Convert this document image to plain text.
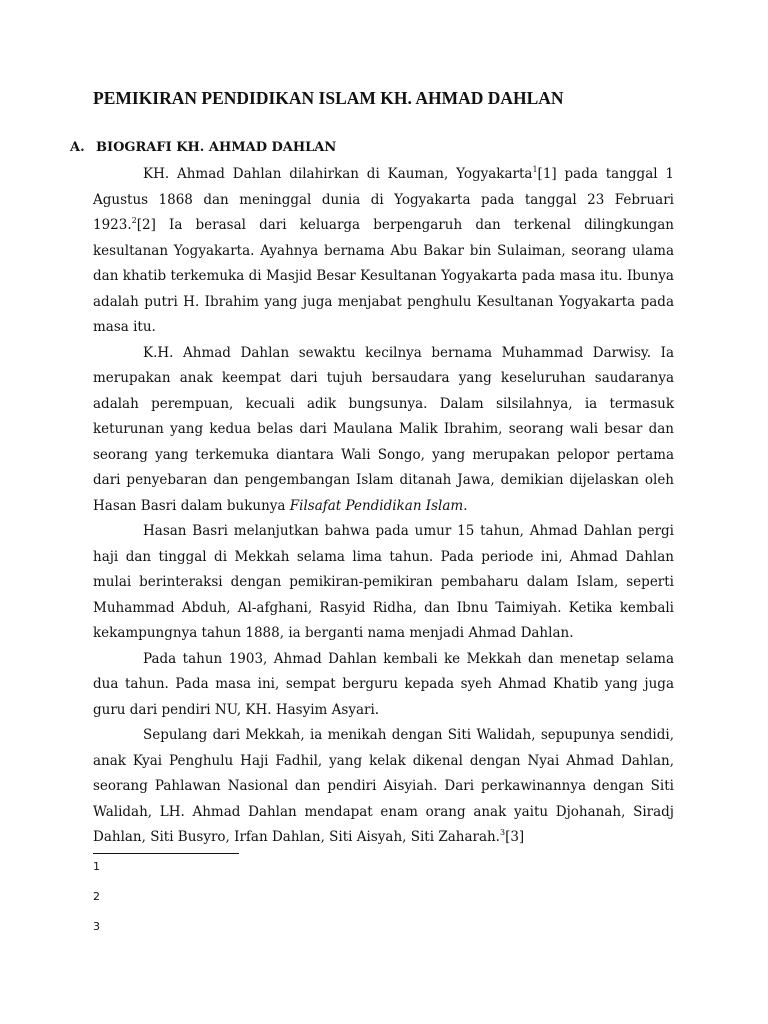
PEMIKIRAN PENDIDIKAN ISLAM KH. AHMAD DAHLAN
A. BIOGRAFI KH. AHMAD DAHLAN

KH. Ahmad Dahlan dilahirkan di Kauman, Yogyakarta$^1$[1] pada tanggal 1 Agustus 1868 dan meninggal dunia di Yogyakarta pada tanggal 23 Februari 1923.$^2$[2] Ia berasal dari keluarga berpengaruh dan terkenal dilingkungan kesultanan Yogyakarta. Ayahnya bernama Abu Bakar bin Sulaiman, seorang ulama dan khatib terkemuka di Masjid Besar Kesultanan Yogyakarta pada masa itu. Ibunya adalah putri H. Ibrahim yang juga menjabat penghulu Kesultanan Yogyakarta pada masa itu.

K.H. Ahmad Dahlan sewaktu kecilnya bernama Muhammad Darwisy. Ia merupakan anak keempat dari tujuh bersaudara yang keseluruhan saudaranya adalah perempuan, kecuali adik bungsunya. Dalam silsilahnya, ia termasuk keturunan yang kedua belas dari Maulana Malik Ibrahim, seorang wali besar dan seorang yang terkemuka diantara Wali Songo, yang merupakan pelopor pertama dari penyebaran dan pengembangan Islam ditanah Jawa, demikian dijelaskan oleh Hasan Basri dalam bukunya Filsafat Pendidikan Islam.

Hasan Basri melanjutkan bahwa pada umur 15 tahun, Ahmad Dahlan pergi haji dan tinggal di Mekkah selama lima tahun. Pada periode ini, Ahmad Dahlan mulai berinteraksi dengan pemikiran-pemikiran pembaharu dalam Islam, seperti Muhammad Abduh, Al-afghani, Rasyid Ridha, dan Ibnu Taimiyah. Ketika kembali kekampungnya tahun 1888, ia berganti nama menjadi Ahmad Dahlan.

Pada tahun 1903, Ahmad Dahlan kembali ke Mekkah dan menetap selama dua tahun. Pada masa ini, sempat berguru kepada syeh Ahmad Khatib yang juga guru dari pendiri NU, KH. Hasyim Asyari.

Sepulang dari Mekkah, ia menikah dengan Siti Walidah, sepupunya sendidi, anak Kyai Penghulu Haji Fadhil, yang kelak dikenal dengan Nyai Ahmad Dahlan, seorang Pahlawan Nasional dan pendiri Aisyiah. Dari perkawinannya dengan Siti Walidah, LH. Ahmad Dahlan mendapat enam orang anak yaitu Djohanah, Siradj Dahlan, Siti Busyro, Irfan Dahlan, Siti Aisyah, Siti Zaharah.$^3$[3]

1
2
3
